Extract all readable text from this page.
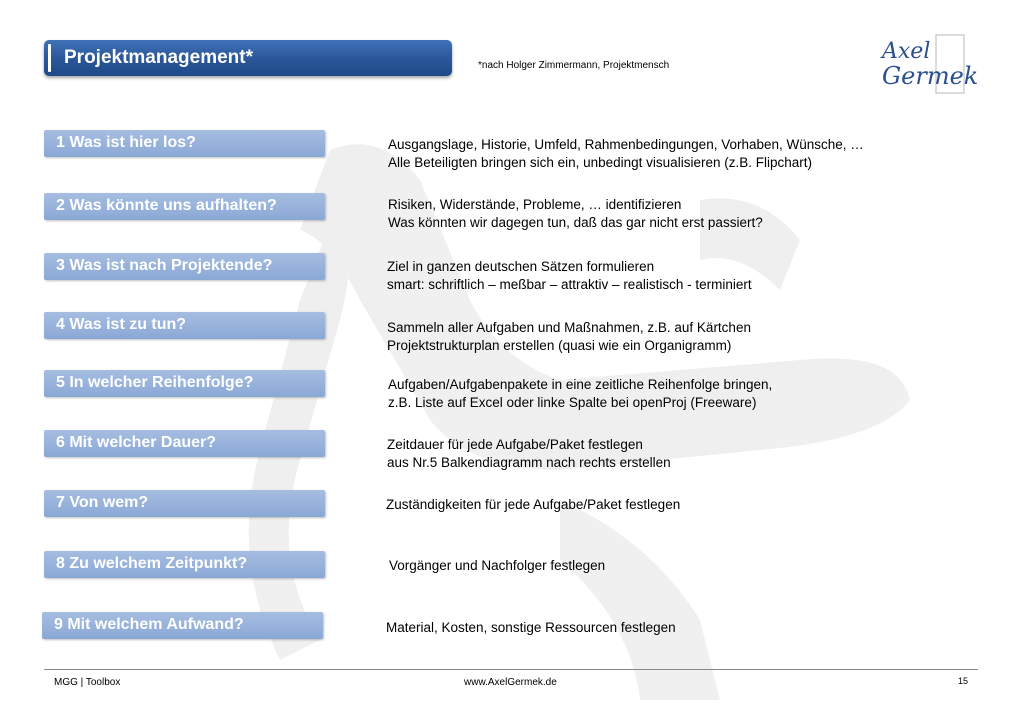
Projektmanagement*	*nach Holger Zimmermann, Projektmensch
Axel
Germek
1 Was ist hier los?	Ausgangslage, Historie, Umfeld, Rahmenbedingungen, Vorhaben, Wünsche, …
Alle Beteiligten bringen sich ein, unbedingt visualisieren (z.B. Flipchart)
2 Was könnte uns aufhalten?	Risiken, Widerstände, Probleme, … identifizieren
Was könnten wir dagegen tun, daß das gar nicht erst passiert?
3 Was ist nach Projektende?	Ziel in ganzen deutschen Sätzen formulieren
smart: schriftlich – meßbar – attraktiv – realistisch - terminiert
4 Was ist zu tun?	Sammeln aller Aufgaben und Maßnahmen, z.B. auf Kärtchen
Projektstrukturplan erstellen (quasi wie ein Organigramm)
5 In welcher Reihenfolge?	Aufgaben/Aufgabenpakete in eine zeitliche Reihenfolge bringen,
z.B. Liste auf Excel oder linke Spalte bei openProj (Freeware)
6 Mit welcher Dauer?	Zeitdauer für jede Aufgabe/Paket festlegen
aus Nr.5 Balkendiagramm nach rechts erstellen
7 Von wem?	Zuständigkeiten für jede Aufgabe/Paket festlegen
8 Zu welchem Zeitpunkt?	Vorgänger und Nachfolger festlegen
9 Mit welchem Aufwand?	Material, Kosten, sonstige Ressourcen festlegen
MGG | Toolbox	www.AxelGermek.de	15
